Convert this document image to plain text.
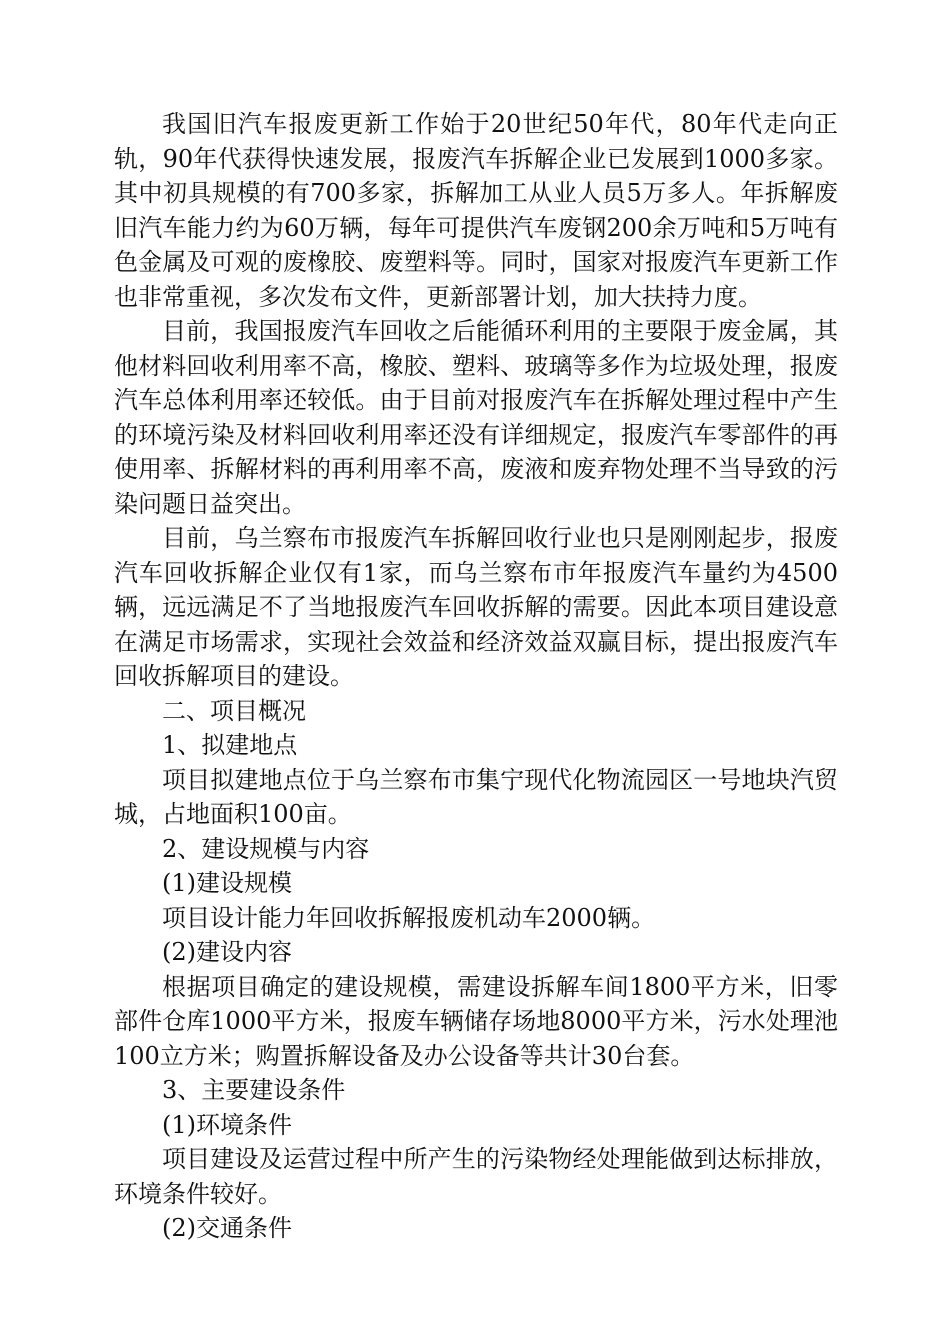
我国旧汽车报废更新工作始于20世纪50年代，80年代走向正轨，90年代获得快速发展，报废汽车拆解企业已发展到1000多家。其中初具规模的有700多家，拆解加工从业人员5万多人。年拆解废旧汽车能力约为60万辆，每年可提供汽车废钢200余万吨和5万吨有色金属及可观的废橡胶、废塑料等。同时，国家对报废汽车更新工作也非常重视，多次发布文件，更新部署计划，加大扶持力度。

目前，我国报废汽车回收之后能循环利用的主要限于废金属，其他材料回收利用率不高，橡胶、塑料、玻璃等多作为垃圾处理，报废汽车总体利用率还较低。由于目前对报废汽车在拆解处理过程中产生的环境污染及材料回收利用率还没有详细规定，报废汽车零部件的再使用率、拆解材料的再利用率不高，废液和废弃物处理不当导致的污染问题日益突出。

目前，乌兰察布市报废汽车拆解回收行业也只是刚刚起步，报废汽车回收拆解企业仅有1家，而乌兰察布市年报废汽车量约为4500辆，远远满足不了当地报废汽车回收拆解的需要。因此本项目建设意在满足市场需求，实现社会效益和经济效益双赢目标，提出报废汽车回收拆解项目的建设。

二、项目概况

1、拟建地点

项目拟建地点位于乌兰察布市集宁现代化物流园区一号地块汽贸城，占地面积100亩。

2、建设规模与内容

(1)建设规模

项目设计能力年回收拆解报废机动车2000辆。

(2)建设内容

根据项目确定的建设规模，需建设拆解车间1800平方米，旧零部件仓库1000平方米，报废车辆储存场地8000平方米，污水处理池100立方米；购置拆解设备及办公设备等共计30台套。

3、主要建设条件

(1)环境条件

项目建设及运营过程中所产生的污染物经处理能做到达标排放，环境条件较好。

(2)交通条件
